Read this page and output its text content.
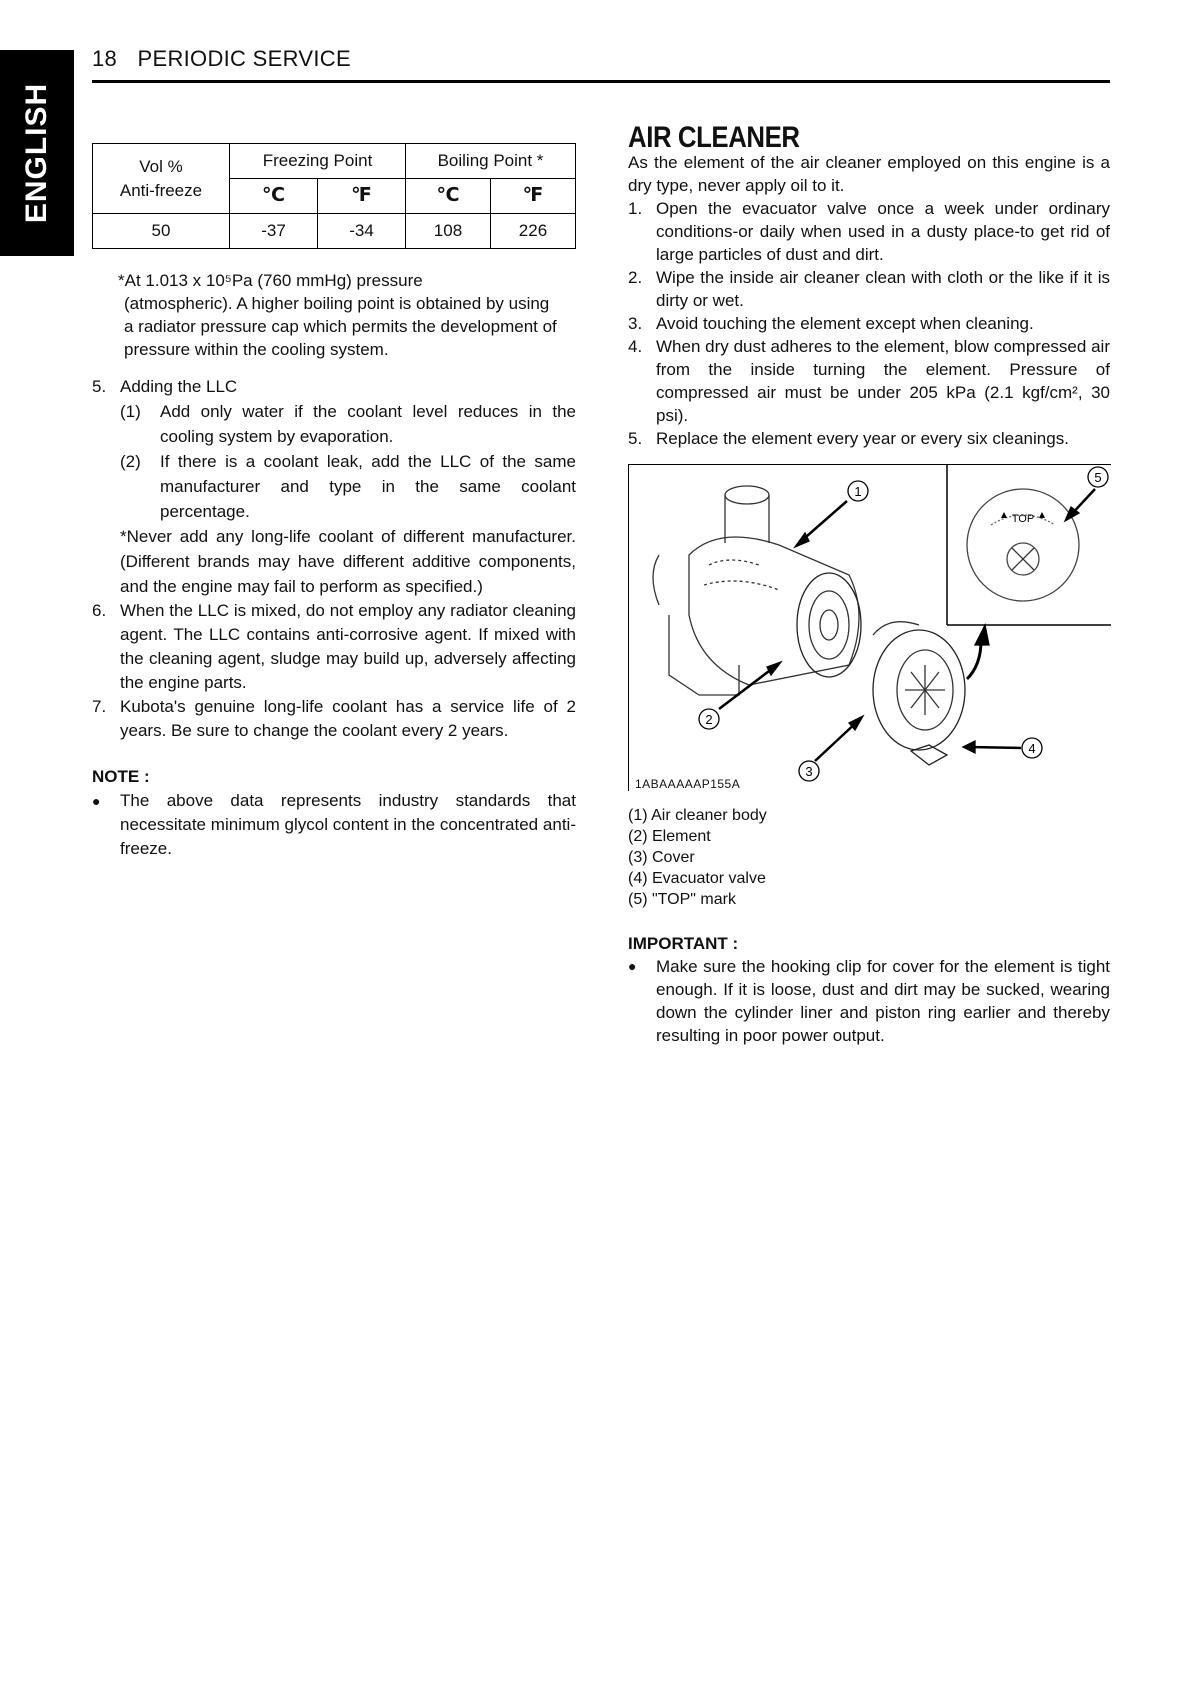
ENGLISH
18 PERIODIC SERVICE
Vol %
Anti-freeze	Freezing Point		Boiling Point *	
	℃	℉	℃	℉
50	-37	-34	108	226
*At 1.013 x 10⁵Pa (760 mmHg) pressure
(atmospheric). A higher boiling point is obtained by using a radiator pressure cap which permits the development of pressure within the cooling system.
5. Adding the LLC
(1)	Add only water if the coolant level reduces in the cooling system by evaporation.
(2)	If there is a coolant leak, add the LLC of the same manufacturer and type in the same coolant percentage.
*Never add any long-life coolant of different manufacturer. (Different brands may have different additive components, and the engine may fail to perform as specified.)
6. When the LLC is mixed, do not employ any radiator cleaning agent. The LLC contains anti-corrosive agent. If mixed with the cleaning agent, sludge may build up, adversely affecting the engine parts.
7. Kubota's genuine long-life coolant has a service life of 2 years. Be sure to change the coolant every 2 years.
NOTE :
●	The above data represents industry standards that necessitate minimum glycol content in the concentrated anti-freeze.
AIR CLEANER
As the element of the air cleaner employed on this engine is a dry type, never apply oil to it.
1. Open the evacuator valve once a week under ordinary conditions-or daily when used in a dusty place-to get rid of large particles of dust and dirt.
2. Wipe the inside air cleaner clean with cloth or the like if it is dirty or wet.
3. Avoid touching the element except when cleaning.
4. When dry dust adheres to the element, blow compressed air from the inside turning the element. Pressure of compressed air must be under 205 kPa (2.1 kgf/cm², 30 psi).
5. Replace the element every year or every six cleanings.
1
2
3
4
5
TOP
1ABAAAAAP155A
(1) Air cleaner body
(2) Element
(3) Cover
(4) Evacuator valve
(5) "TOP" mark
IMPORTANT :
●	Make sure the hooking clip for cover for the element is tight enough. If it is loose, dust and dirt may be sucked, wearing down the cylinder liner and piston ring earlier and thereby resulting in poor power output.
